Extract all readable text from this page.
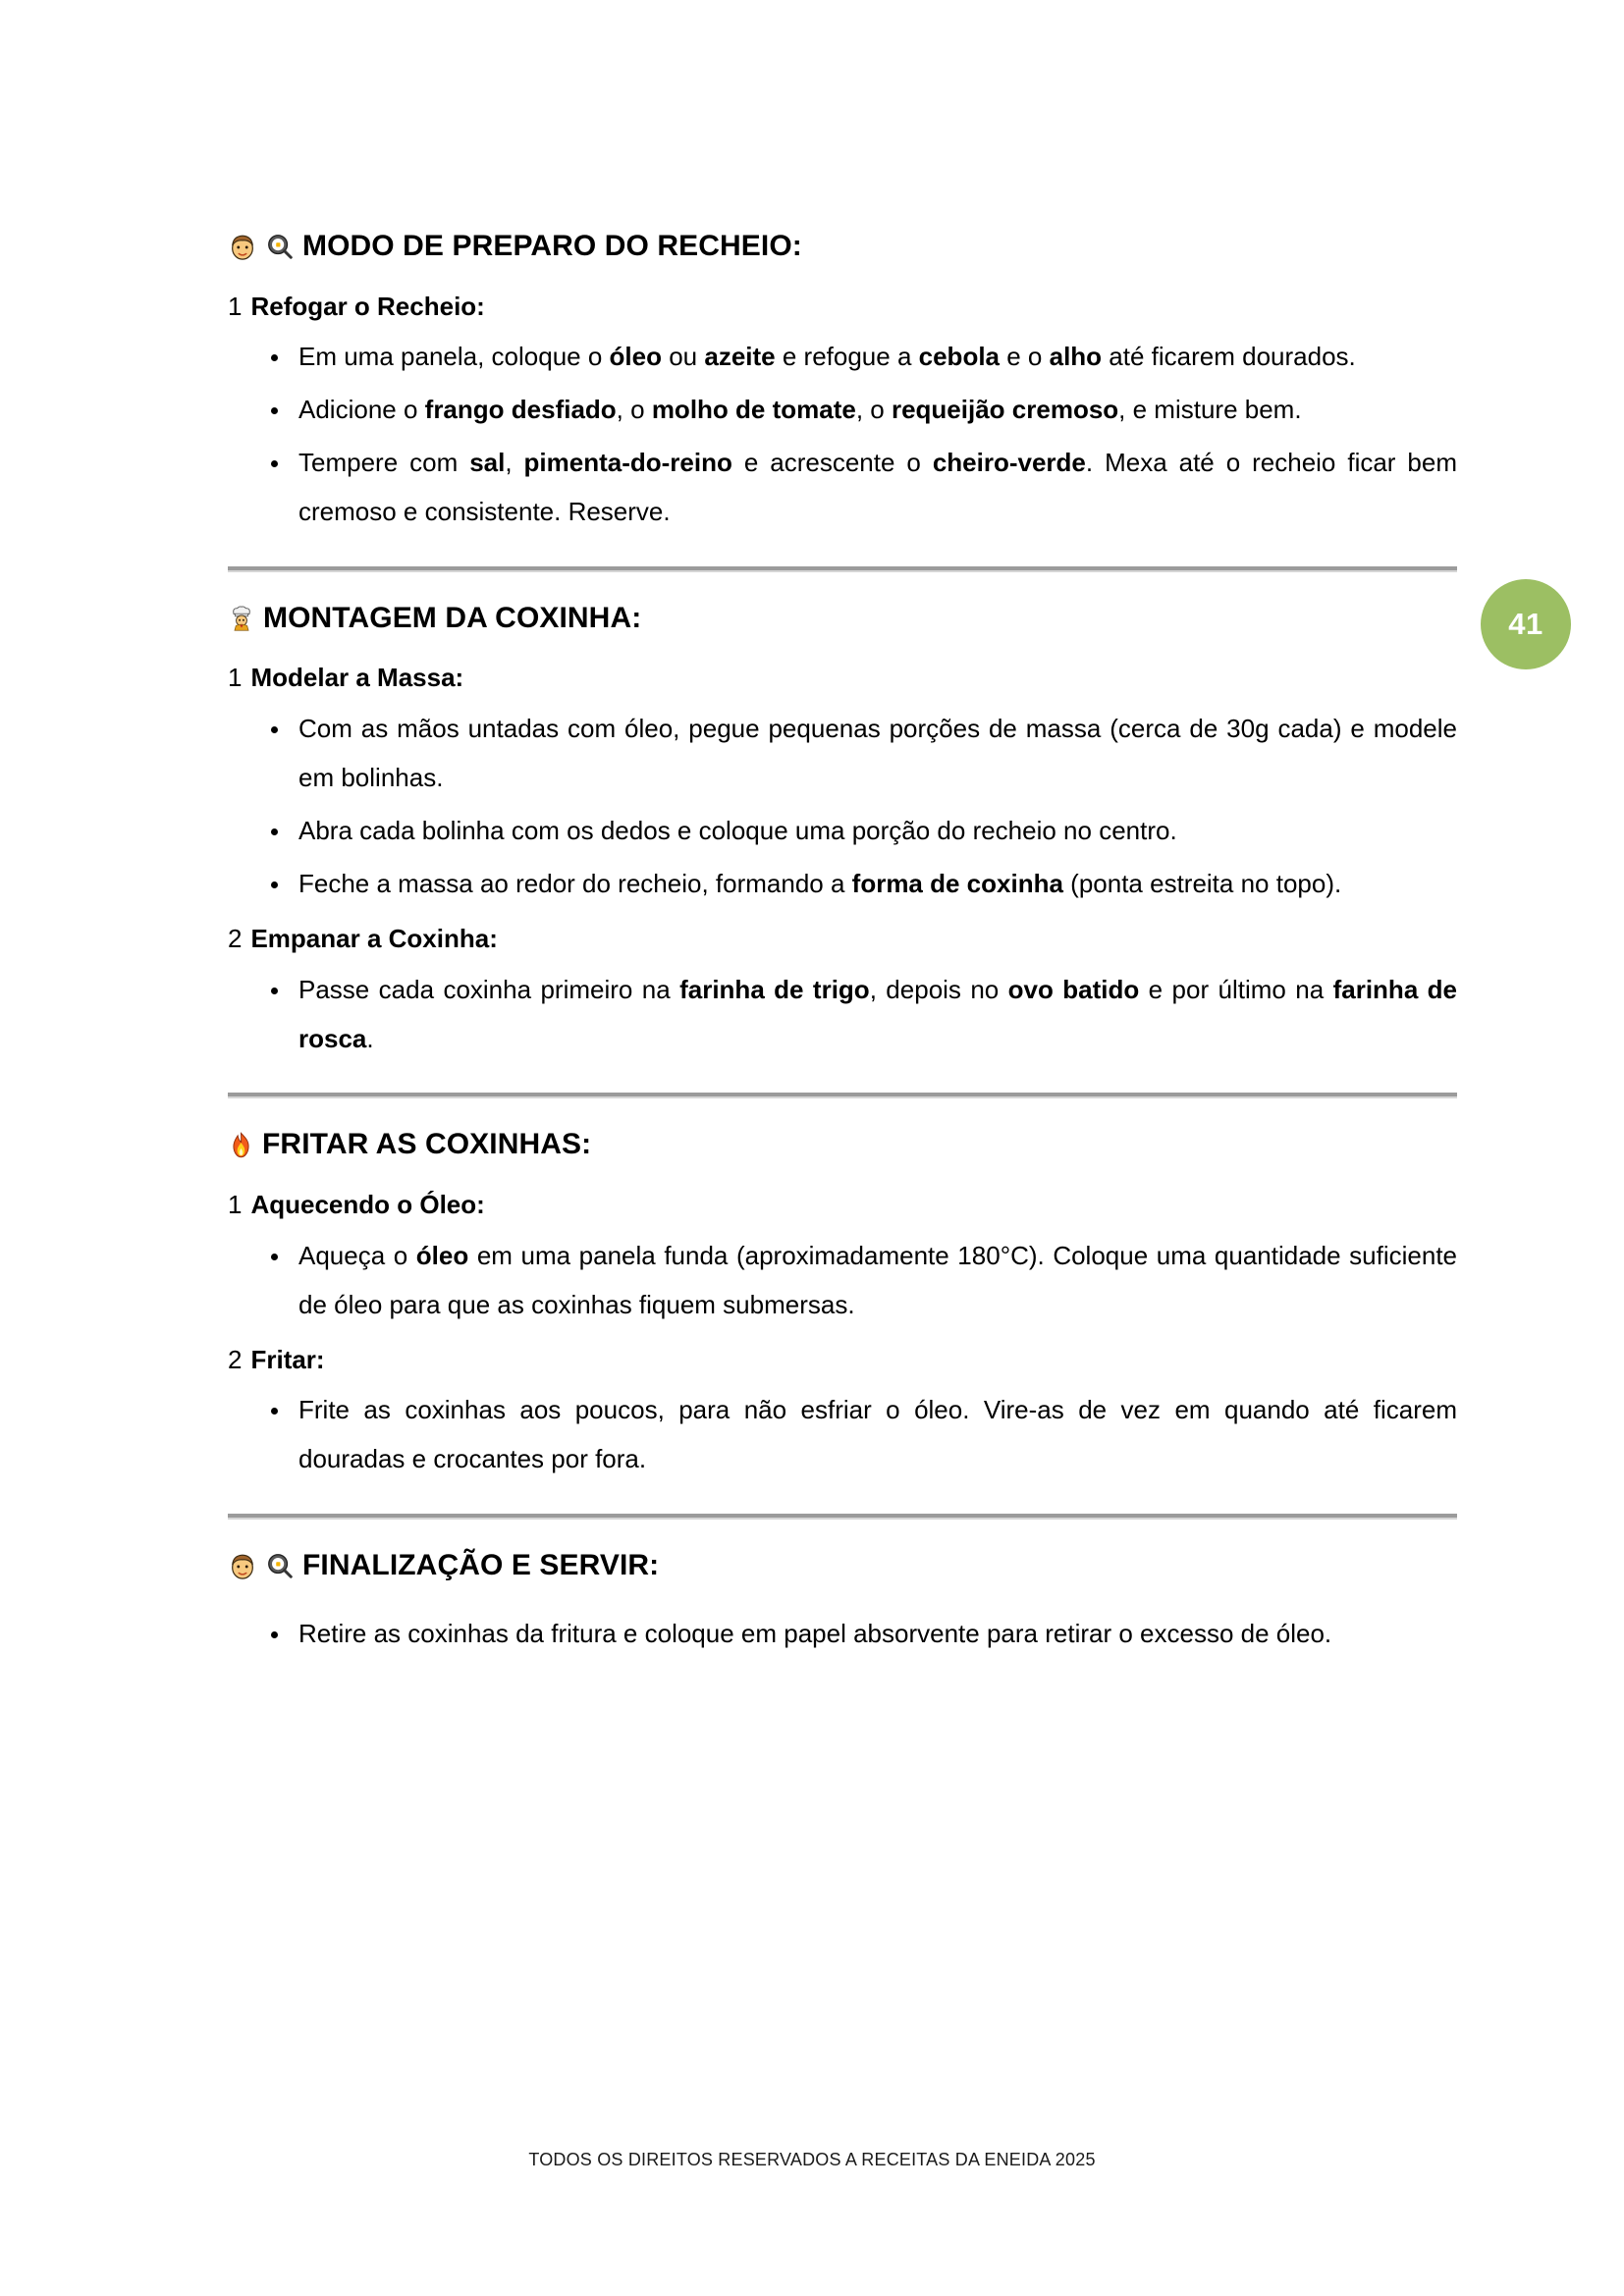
MODO DE PREPARO DO RECHEIO:
1 Refogar o Recheio:
Em uma panela, coloque o óleo ou azeite e refogue a cebola e o alho até ficarem dourados.
Adicione o frango desfiado, o molho de tomate, o requeijão cremoso, e misture bem.
Tempere com sal, pimenta-do-reino e acrescente o cheiro-verde. Mexa até o recheio ficar bem cremoso e consistente. Reserve.
MONTAGEM DA COXINHA:
1 Modelar a Massa:
Com as mãos untadas com óleo, pegue pequenas porções de massa (cerca de 30g cada) e modele em bolinhas.
Abra cada bolinha com os dedos e coloque uma porção do recheio no centro.
Feche a massa ao redor do recheio, formando a forma de coxinha (ponta estreita no topo).
2 Empanar a Coxinha:
Passe cada coxinha primeiro na farinha de trigo, depois no ovo batido e por último na farinha de rosca.
FRITAR AS COXINHAS:
1 Aquecendo o Óleo:
Aqueça o óleo em uma panela funda (aproximadamente 180°C). Coloque uma quantidade suficiente de óleo para que as coxinhas fiquem submersas.
2 Fritar:
Frite as coxinhas aos poucos, para não esfriar o óleo. Vire-as de vez em quando até ficarem douradas e crocantes por fora.
FINALIZAÇÃO E SERVIR:
Retire as coxinhas da fritura e coloque em papel absorvente para retirar o excesso de óleo.
41
TODOS OS DIREITOS RESERVADOS A RECEITAS DA ENEIDA 2025
